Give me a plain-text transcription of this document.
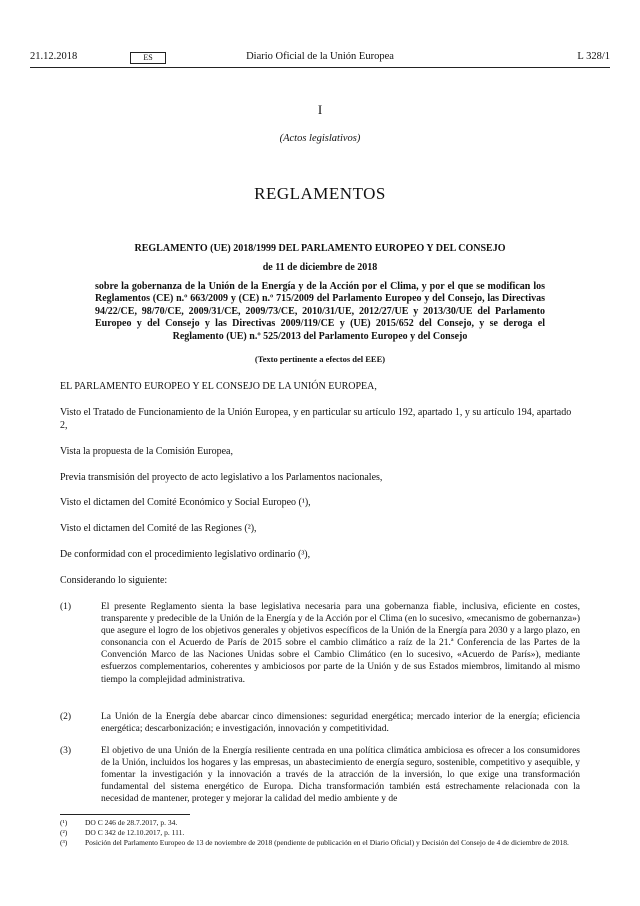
21.12.2018	ES	Diario Oficial de la Unión Europea	L 328/1
I
(Actos legislativos)
REGLAMENTOS
REGLAMENTO (UE) 2018/1999 DEL PARLAMENTO EUROPEO Y DEL CONSEJO
de 11 de diciembre de 2018
sobre la gobernanza de la Unión de la Energía y de la Acción por el Clima, y por el que se modifican los Reglamentos (CE) n.º 663/2009 y (CE) n.º 715/2009 del Parlamento Europeo y del Consejo, las Directivas 94/22/CE, 98/70/CE, 2009/31/CE, 2009/73/CE, 2010/31/UE, 2012/27/UE y 2013/30/UE del Parlamento Europeo y del Consejo y las Directivas 2009/119/CE y (UE) 2015/652 del Consejo, y se deroga el Reglamento (UE) n.º 525/2013 del Parlamento Europeo y del Consejo
(Texto pertinente a efectos del EEE)
EL PARLAMENTO EUROPEO Y EL CONSEJO DE LA UNIÓN EUROPEA,
Visto el Tratado de Funcionamiento de la Unión Europea, y en particular su artículo 192, apartado 1, y su artículo 194, apartado 2,
Vista la propuesta de la Comisión Europea,
Previa transmisión del proyecto de acto legislativo a los Parlamentos nacionales,
Visto el dictamen del Comité Económico y Social Europeo (¹),
Visto el dictamen del Comité de las Regiones (²),
De conformidad con el procedimiento legislativo ordinario (³),
Considerando lo siguiente:
(1)	El presente Reglamento sienta la base legislativa necesaria para una gobernanza fiable, inclusiva, eficiente en costes, transparente y predecible de la Unión de la Energía y de la Acción por el Clima (en lo sucesivo, «mecanismo de gobernanza») que asegure el logro de los objetivos generales y objetivos específicos de la Unión de la Energía para 2030 y a largo plazo, en consonancia con el Acuerdo de París de 2015 sobre el cambio climático a raíz de la 21.ª Conferencia de las Partes de la Convención Marco de las Naciones Unidas sobre el Cambio Climático (en lo sucesivo, «Acuerdo de París»), mediante esfuerzos complementarios, coherentes y ambiciosos por parte de la Unión y de sus Estados miembros, limitando al mismo tiempo la complejidad administrativa.
(2)	La Unión de la Energía debe abarcar cinco dimensiones: seguridad energética; mercado interior de la energía; eficiencia energética; descarbonización; e investigación, innovación y competitividad.
(3)	El objetivo de una Unión de la Energía resiliente centrada en una política climática ambiciosa es ofrecer a los consumidores de la Unión, incluidos los hogares y las empresas, un abastecimiento de energía seguro, sostenible, competitivo y asequible, y fomentar la investigación y la innovación a través de la atracción de la inversión, lo que exige una transformación fundamental del sistema energético de Europa. Dicha transformación también está estrechamente relacionada con la necesidad de mantener, proteger y mejorar la calidad del medio ambiente y de
(¹) DO C 246 de 28.7.2017, p. 34.
(²) DO C 342 de 12.10.2017, p. 111.
(³) Posición del Parlamento Europeo de 13 de noviembre de 2018 (pendiente de publicación en el Diario Oficial) y Decisión del Consejo de 4 de diciembre de 2018.
